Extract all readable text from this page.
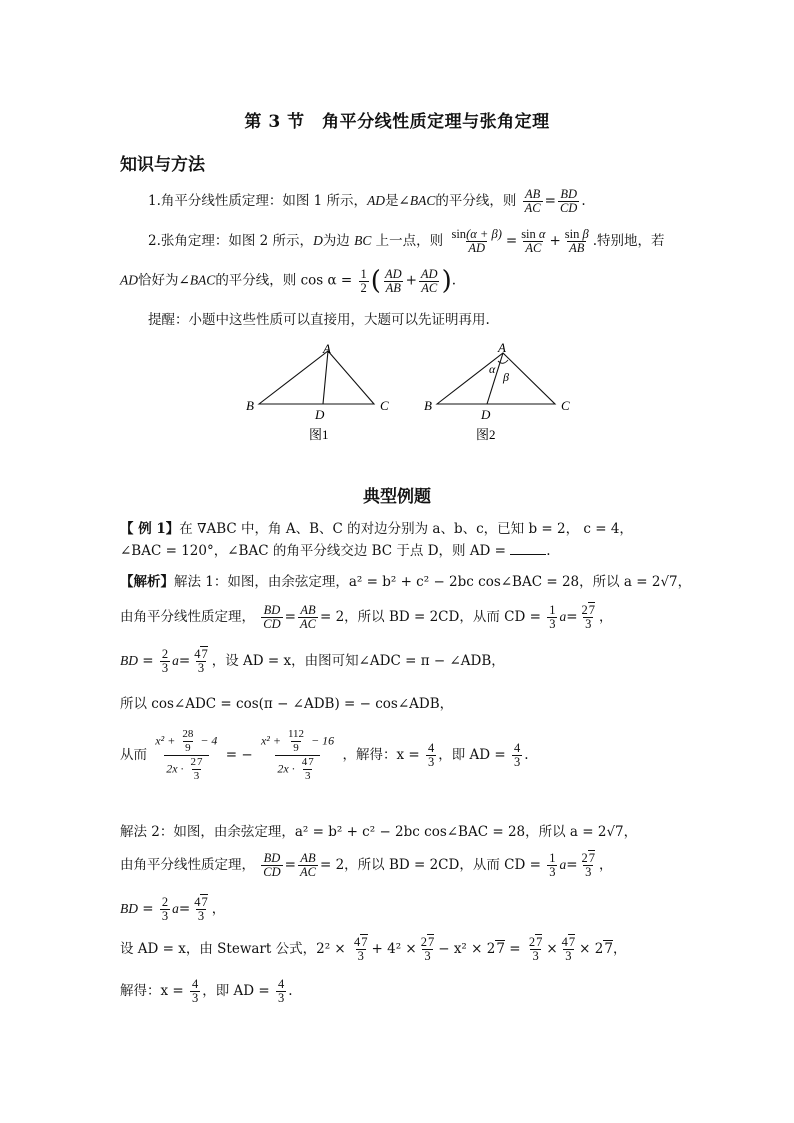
第 3 节　角平分线性质定理与张角定理
知识与方法
1.角平分线性质定理：如图 1 所示，AD是∠BAC的平分线，则 $\frac{AB}{AC} = \frac{BD}{CD}$ .
2.张角定理：如图 2 所示，D为边 BC 上一点，则 $\frac{\sin(\alpha + \beta)}{AD} = \frac{\text{sin α}}{AC} + \frac{\text{sin β}}{AB}$ .特别地，若
AD恰好为∠BAC的平分线，则 $\cos \alpha = \frac{1}{2}$ ( $\frac{AD}{AB} + \frac{AD}{AC}$ ).
提醒：小题中这些性质可以直接用，大题可以先证明再用.
A
B	C
D
图1
A
α
β
B	C
D
图2
典型例题
【 例 1】在 ∇ABC 中，角 A、B、C 的对边分别为 a、b、c，已知 b = 2， c = 4，
∠BAC = 120°，∠BAC 的角平分线交边 BC 于点 D，则 AD =	.
【解析】解法 1：如图，由余弦定理，a² = b² + c² − 2bc cos∠BAC = 28，所以 a = 2√7，
由角平分线性质定理， $\frac{BD}{CD} = \frac{AB}{AC} = 2$，所以 BD = 2CD，从而 CD = $\frac{1}{3} a= \frac{27}{3}$ ，
BD = $\frac{2}{3} a= \frac{47}{3}$ ，设 AD = x，由图可知∠ADC = π − ∠ADB，
所以 cos∠ADC = cos(π − ∠ADB) = − cos∠ADB，
从而 $\frac{x^2 + \frac{28}{9} - 4}{2x \cdot \frac{27}{3}}$ = − $\frac{x^2 + \frac{112}{9} - 16}{2x \cdot \frac{47}{3}}$ ，解得：$x = \frac{4}{3}$ ，即 AD = $\frac{4}{3}$ .
解法 2：如图，由余弦定理，a² = b² + c² − 2bc cos∠BAC = 28，所以 a = 2√7，
由角平分线性质定理， $\frac{BD}{CD} = \frac{AB}{AC} = 2$，所以 BD = 2CD，从而 CD = $\frac{1}{3} a= \frac{27}{3}$ ，
BD = $\frac{2}{3} a= \frac{47}{3}$ ，
设 AD = x，由 Stewart 公式，$2^2 \times \frac{47}{3} + 4^2 \times \frac{27}{3} - x^2 \times 27 = \frac{27}{3} \times \frac{47}{3} \times 27$，
解得：$x = \frac{4}{3}$ ，即 AD = $\frac{4}{3}$ .
